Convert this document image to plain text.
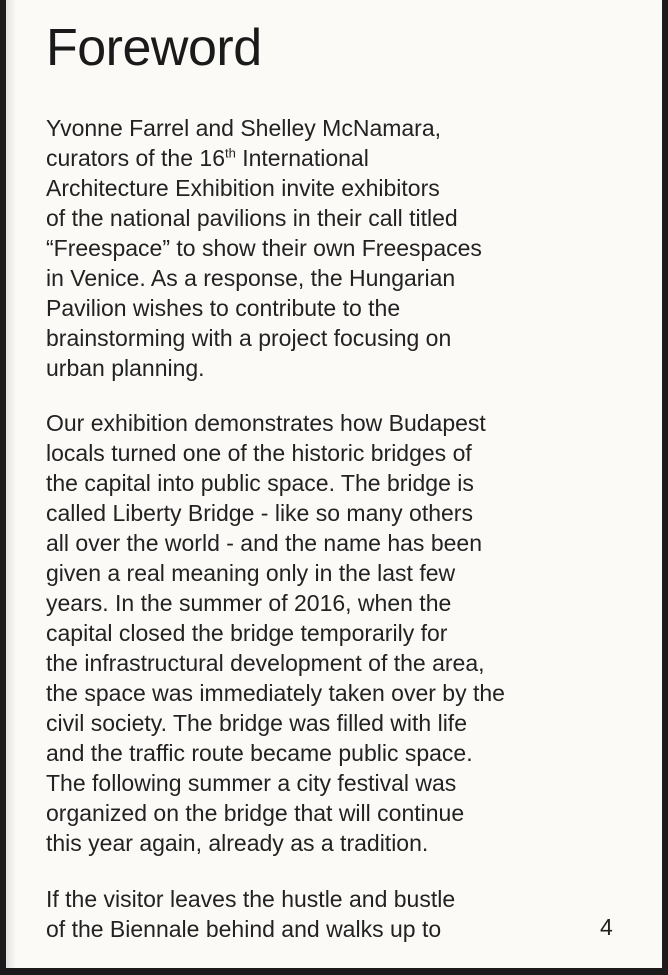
Foreword

Yvonne Farrel and Shelley McNamara,
curators of the 16th International
Architecture Exhibition invite exhibitors
of the national pavilions in their call titled
“Freespace” to show their own Freespaces
in Venice. As a response, the Hungarian
Pavilion wishes to contribute to the
brainstorming with a project focusing on
urban planning.

Our exhibition demonstrates how Budapest
locals turned one of the historic bridges of
the capital into public space. The bridge is
called Liberty Bridge - like so many others
all over the world - and the name has been
given a real meaning only in the last few
years. In the summer of 2016, when the
capital closed the bridge temporarily for
the infrastructural development of the area,
the space was immediately taken over by the
civil society. The bridge was filled with life
and the traffic route became public space.
The following summer a city festival was
organized on the bridge that will continue
this year again, already as a tradition.

If the visitor leaves the hustle and bustle
of the Biennale behind and walks up to	4
